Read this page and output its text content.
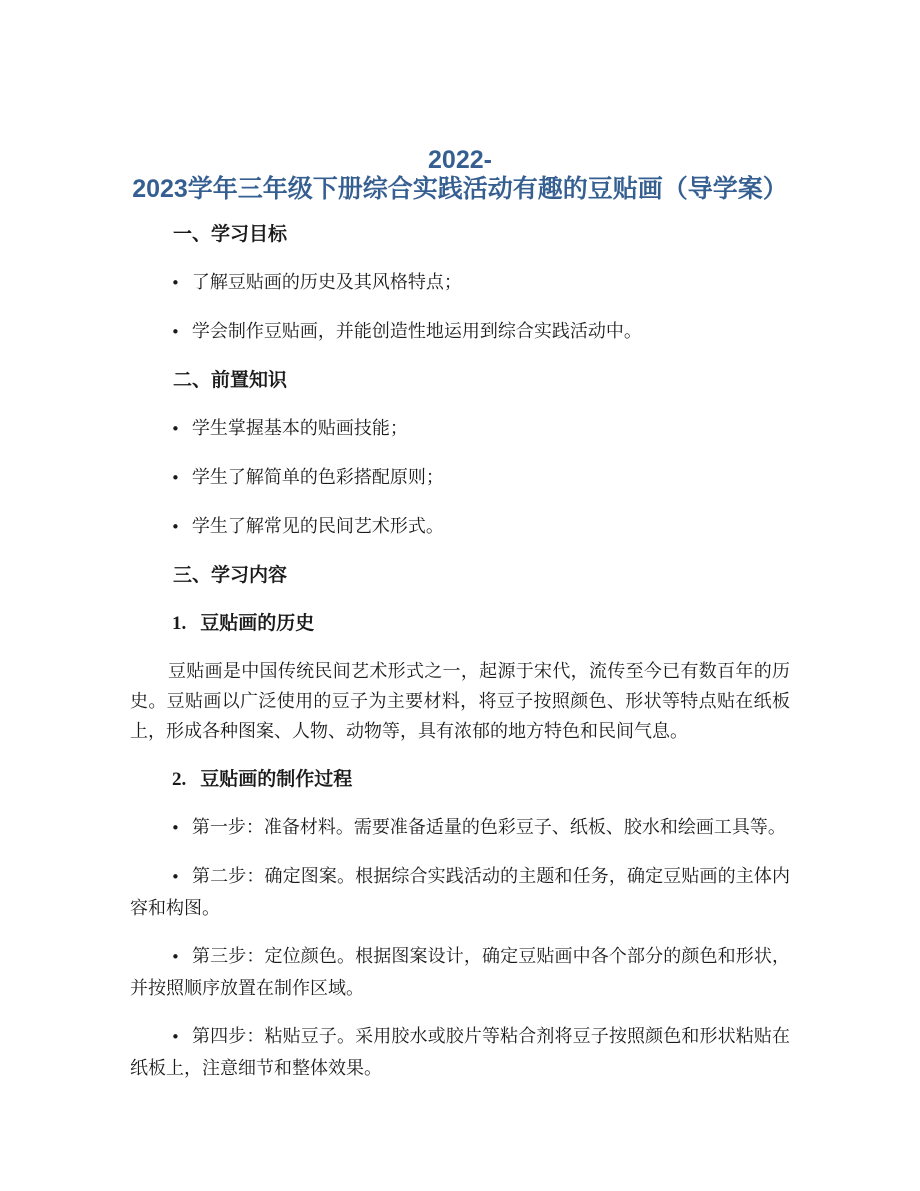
2022-
2023学年三年级下册综合实践活动有趣的豆贴画（导学案）
一、学习目标

• 了解豆贴画的历史及其风格特点；

• 学会制作豆贴画，并能创造性地运用到综合实践活动中。

二、前置知识

• 学生掌握基本的贴画技能；

• 学生了解简单的色彩搭配原则；

• 学生了解常见的民间艺术形式。

三、学习内容
1. 豆贴画的历史

豆贴画是中国传统民间艺术形式之一，起源于宋代，流传至今已有数百年的历史。豆贴画以广泛使用的豆子为主要材料，将豆子按照颜色、形状等特点贴在纸板上，形成各种图案、人物、动物等，具有浓郁的地方特色和民间气息。

2. 豆贴画的制作过程

• 第一步：准备材料。需要准备适量的色彩豆子、纸板、胶水和绘画工具等。

• 第二步：确定图案。根据综合实践活动的主题和任务，确定豆贴画的主体内容和构图。

• 第三步：定位颜色。根据图案设计，确定豆贴画中各个部分的颜色和形状，并按照顺序放置在制作区域。

• 第四步：粘贴豆子。采用胶水或胶片等粘合剂将豆子按照颜色和形状粘贴在纸板上，注意细节和整体效果。
